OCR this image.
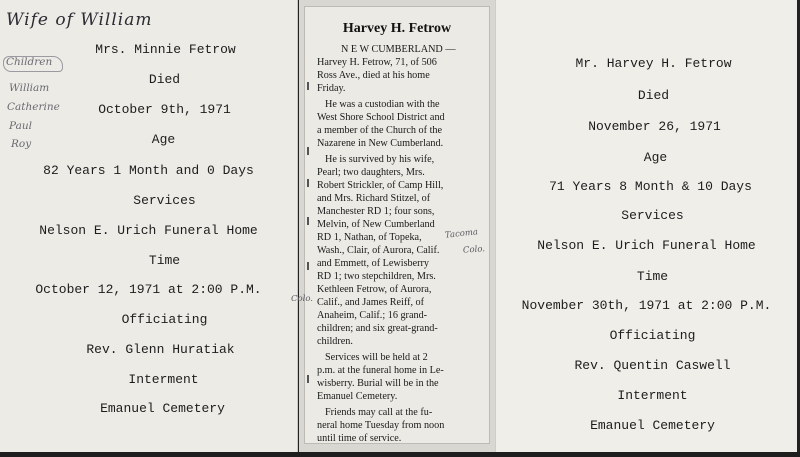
Wife of William
Children
William
Catherine
Paul
Roy
Mrs. Minnie Fetrow
Died
October 9th, 1971
Age
82 Years 1 Month and 0 Days
Services
Nelson E. Urich Funeral Home
Time
October 12, 1971 at 2:00 P.M.
Officiating
Rev. Glenn Huratiak
Interment
Emanuel Cemetery
Harvey H. Fetrow
N E W CUMBERLAND —
Harvey H. Fetrow, 71, of 506
Ross Ave., died at his home
Friday.
He was a custodian with the
West Shore School District and
a member of the Church of the
Nazarene in New Cumberland.
He is survived by his wife,
Pearl; two daughters, Mrs.
Robert Strickler, of Camp Hill,
and Mrs. Richard Stitzel, of
Manchester RD 1; four sons,
Melvin, of New Cumberland
RD 1, Nathan, of Topeka,
Wash., Clair, of Aurora, Calif.
and Emmett, of Lewisberry
RD 1; two stepchildren, Mrs.
Kethleen Fetrow, of Aurora,
Calif., and James Reiff, of
Anaheim, Calif.; 16 grand-
children; and six great-grand-
children.
Services will be held at 2
p.m. at the funeral home in Le-
wisberry. Burial will be in the
Emanuel Cemetery.
Friends may call at the fu-
neral home Tuesday from noon
until time of service.
Tacoma
Colo.
Colo.
Mr. Harvey H. Fetrow
Died
November 26, 1971
Age
71 Years 8 Month & 10 Days
Services
Nelson E. Urich Funeral Home
Time
November 30th, 1971 at 2:00 P.M.
Officiating
Rev. Quentin Caswell
Interment
Emanuel Cemetery
